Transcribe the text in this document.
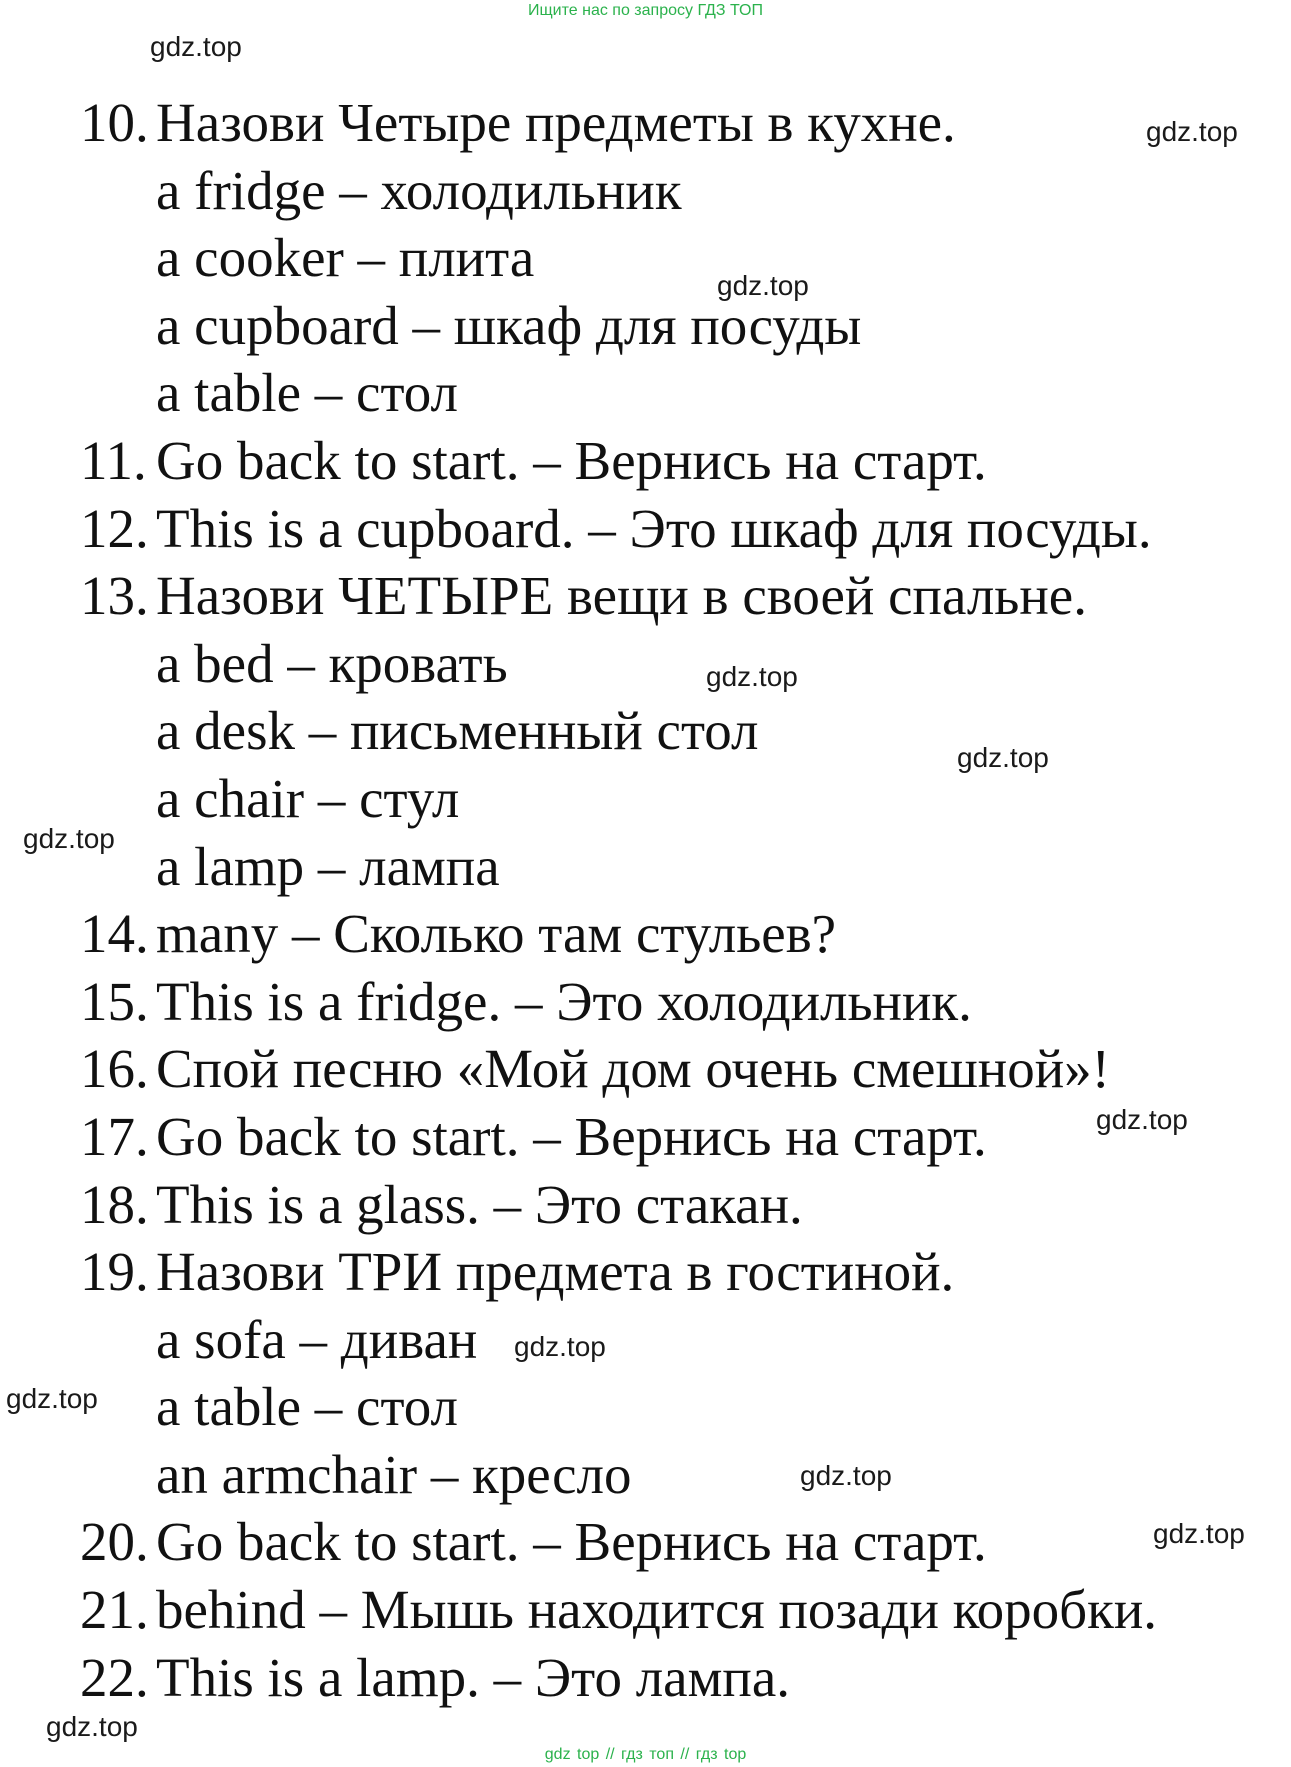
Ищите нас по запросу ГДЗ ТОП
10. Назови Четыре предметы в кухне.
a fridge – холодильник
a cooker – плита
a cupboard – шкаф для посуды
a table – стол
11. Go back to start. – Вернись на старт.
12. This is a cupboard. – Это шкаф для посуды.
13. Назови ЧЕТЫРЕ вещи в своей спальне.
a bed – кровать
a desk – письменный стол
a chair – стул
a lamp – лампа
14. many – Сколько там стульев?
15. This is a fridge. – Это холодильник.
16. Спой песню «Мой дом очень смешной»!
17. Go back to start. – Вернись на старт.
18. This is a glass. – Это стакан.
19. Назови ТРИ предмета в гостиной.
a sofa – диван
a table – стол
an armchair – кресло
20. Go back to start. – Вернись на старт.
21. behind – Мышь находится позади коробки.
22. This is a lamp. – Это лампа.
gdz.top
gdz.top
gdz.top
gdz.top
gdz.top
gdz.top
gdz.top
gdz.top
gdz.top
gdz.top
gdz.top
gdz.top
gdz top // гдз топ // гдз top
